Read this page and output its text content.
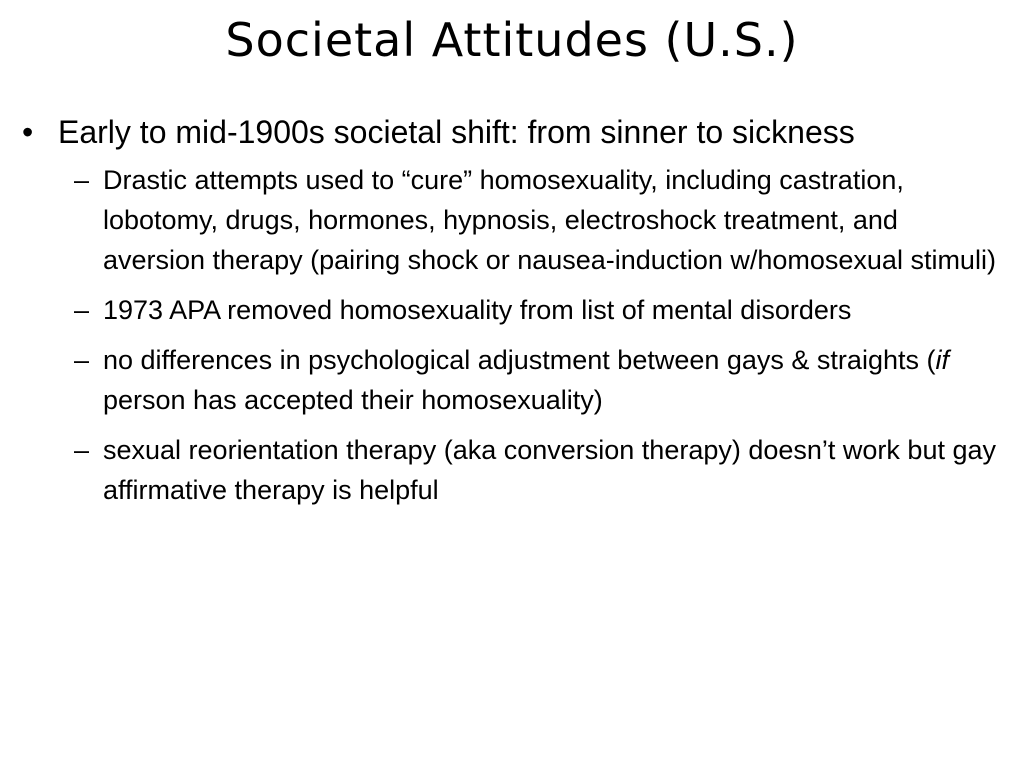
Societal Attitudes (U.S.)
• Early to mid-1900s societal shift: from sinner to sickness
– Drastic attempts used to “cure” homosexuality, including castration, lobotomy, drugs, hormones, hypnosis, electroshock treatment, and aversion therapy (pairing shock or nausea-induction w/homosexual stimuli)
– 1973 APA removed homosexuality from list of mental disorders
– no differences in psychological adjustment between gays & straights (if person has accepted their homosexuality)
– sexual reorientation therapy (aka conversion therapy) doesn’t work but gay affirmative therapy is helpful
